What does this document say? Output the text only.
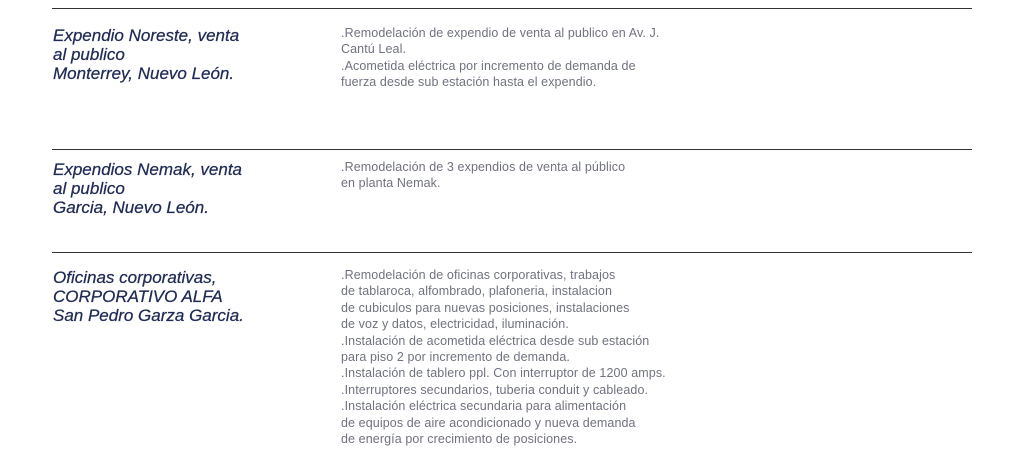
Expendio Noreste, venta
al publico
Monterrey, Nuevo León.
.Remodelación de expendio de venta al publico en Av. J.
Cantú Leal.
.Acometida eléctrica por incremento de demanda de
fuerza desde sub estación hasta el expendio.
Expendios Nemak, venta
al publico
Garcia, Nuevo León.
.Remodelación de 3 expendios de venta al público
en planta Nemak.
Oficinas corporativas,
CORPORATIVO ALFA
San Pedro Garza Garcia.
.Remodelación de oficinas corporativas, trabajos
de tablaroca, alfombrado, plafoneria, instalacion
de cubiculos para nuevas posiciones, instalaciones
de voz y datos, electricidad, iluminación.
.Instalación de acometida eléctrica desde sub estación
para piso 2 por incremento de demanda.
.Instalación de tablero ppl. Con interruptor de 1200 amps.
.Interruptores secundarios, tuberia conduit y cableado.
.Instalación eléctrica secundaria para alimentación
de equipos de aire acondicionado y nueva demanda
de energía por crecimiento de posiciones.
